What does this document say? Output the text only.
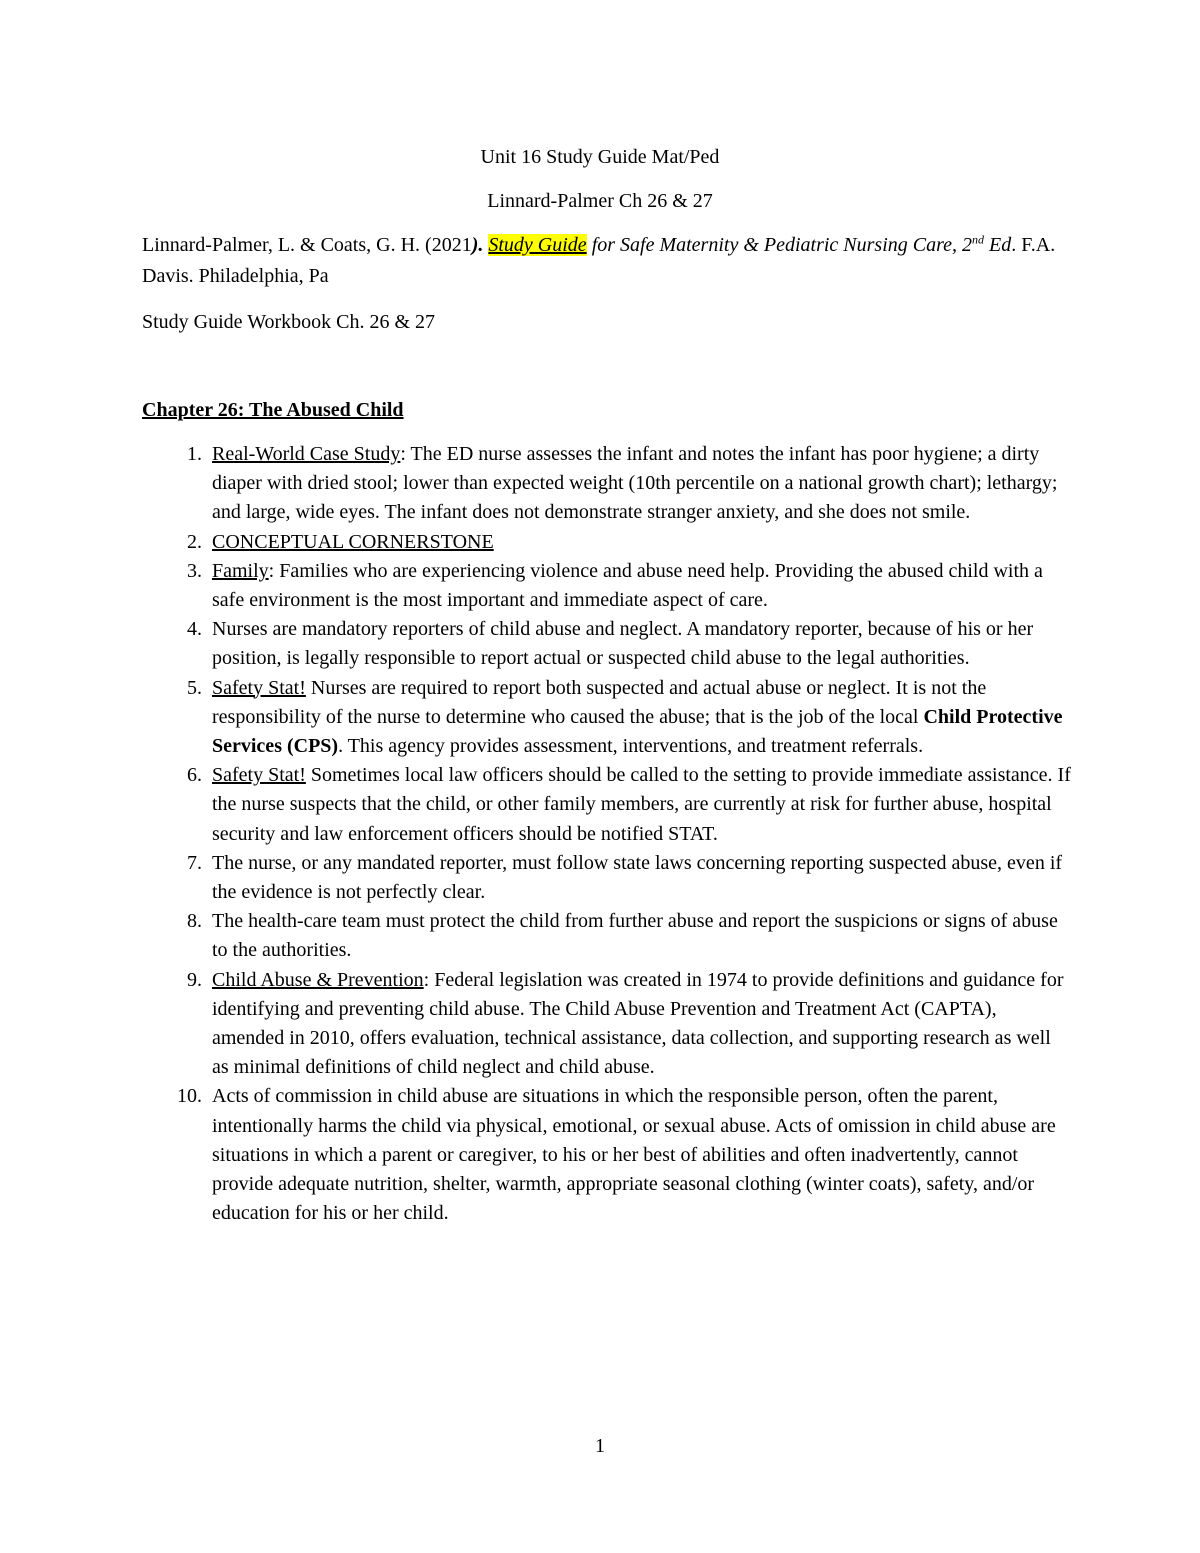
Unit 16 Study Guide Mat/Ped
Linnard-Palmer Ch 26 & 27
Linnard-Palmer, L. & Coats, G. H. (2021). Study Guide for Safe Maternity & Pediatric Nursing Care, 2nd Ed. F.A. Davis. Philadelphia, Pa
Study Guide Workbook Ch. 26 & 27
Chapter 26: The Abused Child
1. Real-World Case Study: The ED nurse assesses the infant and notes the infant has poor hygiene; a dirty diaper with dried stool; lower than expected weight (10th percentile on a national growth chart); lethargy; and large, wide eyes. The infant does not demonstrate stranger anxiety, and she does not smile.
2. CONCEPTUAL CORNERSTONE
3. Family: Families who are experiencing violence and abuse need help. Providing the abused child with a safe environment is the most important and immediate aspect of care.
4. Nurses are mandatory reporters of child abuse and neglect. A mandatory reporter, because of his or her position, is legally responsible to report actual or suspected child abuse to the legal authorities.
5. Safety Stat! Nurses are required to report both suspected and actual abuse or neglect. It is not the responsibility of the nurse to determine who caused the abuse; that is the job of the local Child Protective Services (CPS). This agency provides assessment, interventions, and treatment referrals.
6. Safety Stat! Sometimes local law officers should be called to the setting to provide immediate assistance. If the nurse suspects that the child, or other family members, are currently at risk for further abuse, hospital security and law enforcement officers should be notified STAT.
7. The nurse, or any mandated reporter, must follow state laws concerning reporting suspected abuse, even if the evidence is not perfectly clear.
8. The health-care team must protect the child from further abuse and report the suspicions or signs of abuse to the authorities.
9. Child Abuse & Prevention: Federal legislation was created in 1974 to provide definitions and guidance for identifying and preventing child abuse. The Child Abuse Prevention and Treatment Act (CAPTA), amended in 2010, offers evaluation, technical assistance, data collection, and supporting research as well as minimal definitions of child neglect and child abuse.
10. Acts of commission in child abuse are situations in which the responsible person, often the parent, intentionally harms the child via physical, emotional, or sexual abuse. Acts of omission in child abuse are situations in which a parent or caregiver, to his or her best of abilities and often inadvertently, cannot provide adequate nutrition, shelter, warmth, appropriate seasonal clothing (winter coats), safety, and/or education for his or her child.
1
